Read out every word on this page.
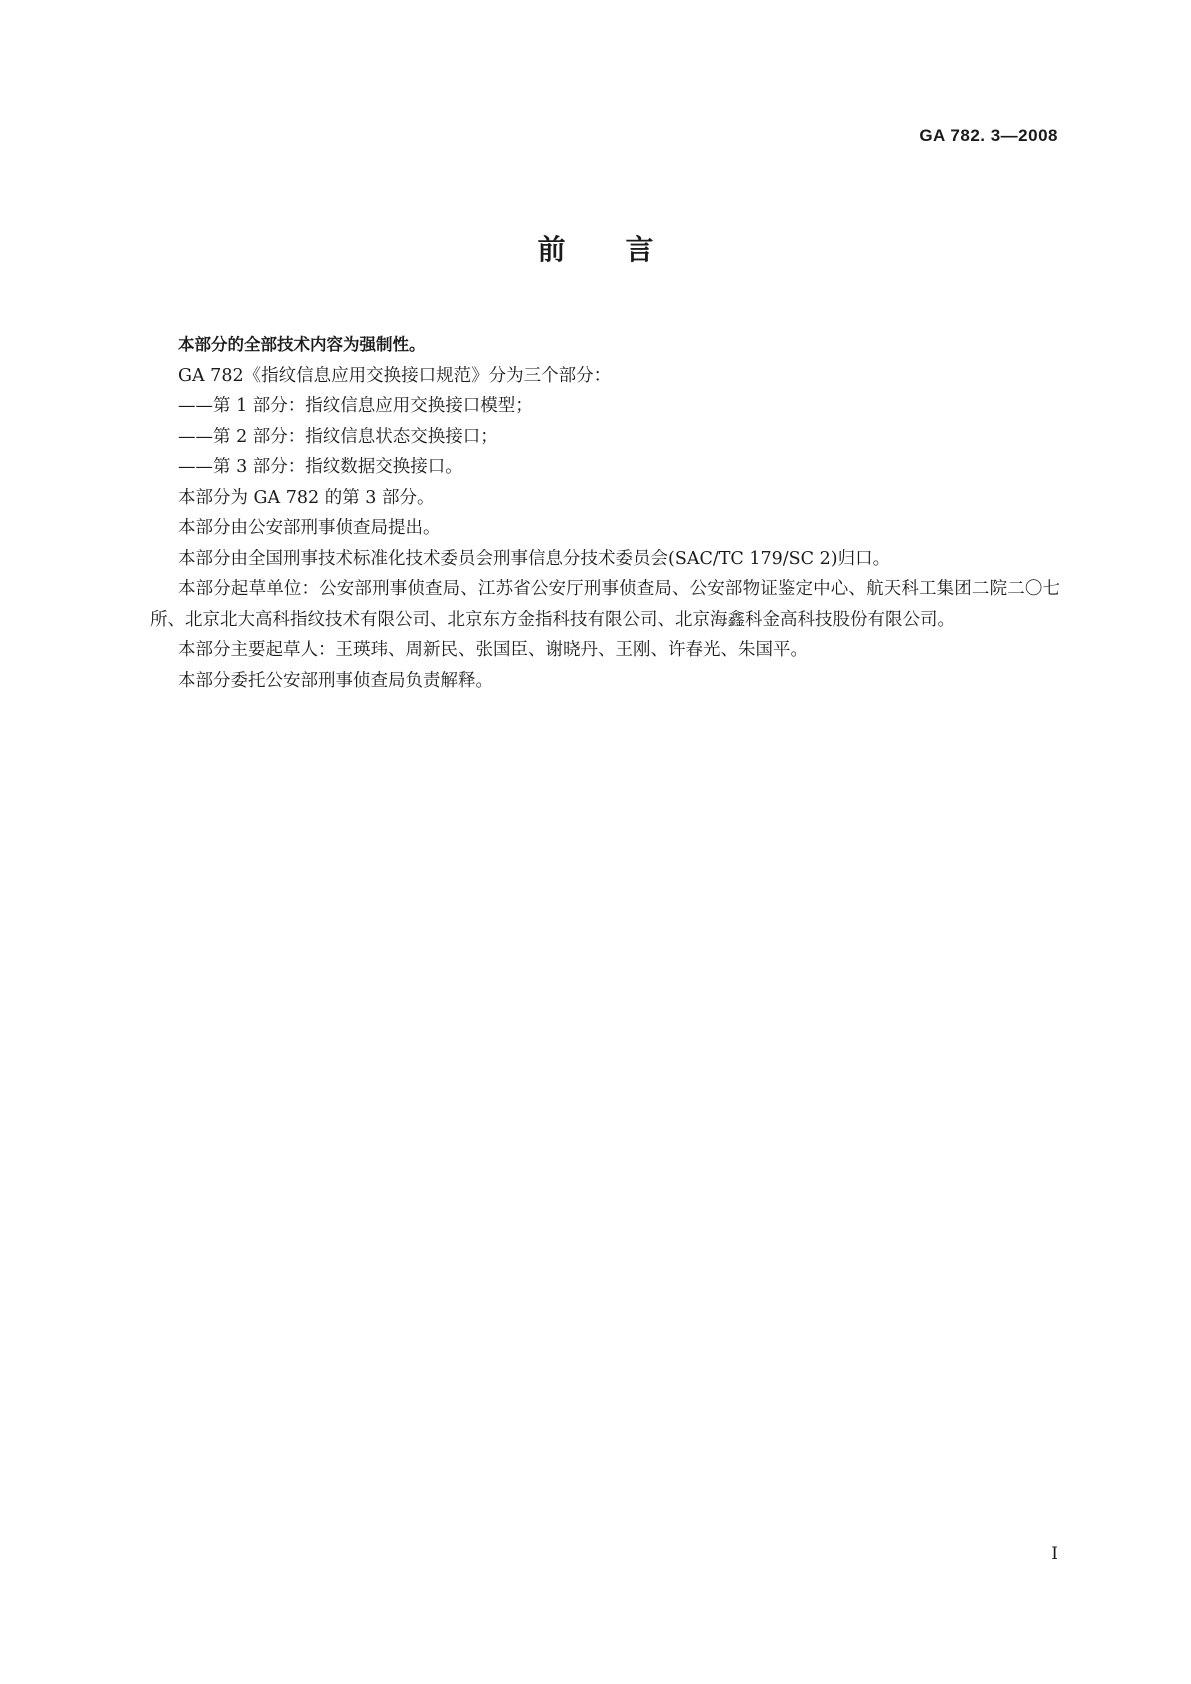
GA 782. 3—2008
前言

本部分的全部技术内容为强制性。

GA 782《指纹信息应用交换接口规范》分为三个部分：

——第 1 部分：指纹信息应用交换接口模型；

——第 2 部分：指纹信息状态交换接口；

——第 3 部分：指纹数据交换接口。

本部分为 GA 782 的第 3 部分。

本部分由公安部刑事侦查局提出。

本部分由全国刑事技术标准化技术委员会刑事信息分技术委员会(SAC/TC 179/SC 2)归口。

本部分起草单位：公安部刑事侦查局、江苏省公安厅刑事侦查局、公安部物证鉴定中心、航天科工集团二院二〇七所、北京北大高科指纹技术有限公司、北京东方金指科技有限公司、北京海鑫科金高科技股份有限公司。

本部分主要起草人：王瑛玮、周新民、张国臣、谢晓丹、王刚、许春光、朱国平。

本部分委托公安部刑事侦查局负责解释。

I
